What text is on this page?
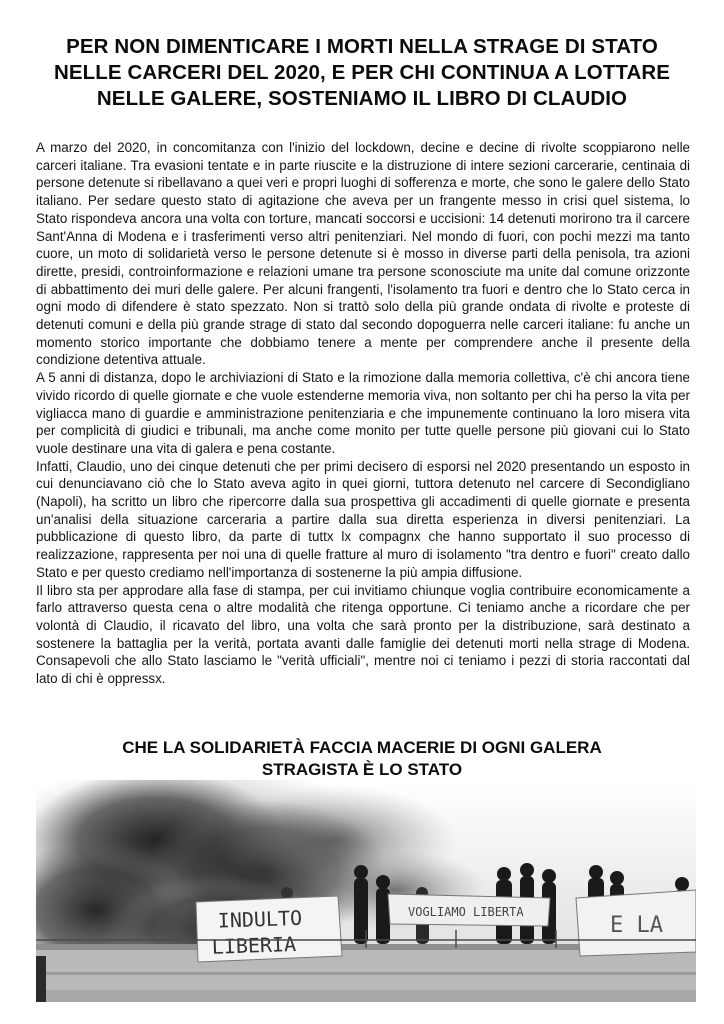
PER NON DIMENTICARE I MORTI NELLA STRAGE DI STATO
NELLE CARCERI DEL 2020, E PER CHI CONTINUA A LOTTARE
NELLE GALERE, SOSTENIAMO IL LIBRO DI CLAUDIO

A marzo del 2020, in concomitanza con l'inizio del lockdown, decine e decine di rivolte scoppiarono nelle carceri italiane. Tra evasioni tentate e in parte riuscite e la distruzione di intere sezioni carcerarie, centinaia di persone detenute si ribellavano a quei veri e propri luoghi di sofferenza e morte, che sono le galere dello Stato italiano. Per sedare questo stato di agitazione che aveva per un frangente messo in crisi quel sistema, lo Stato rispondeva ancora una volta con torture, mancati soccorsi e uccisioni: 14 detenuti morirono tra il carcere Sant'Anna di Modena e i trasferimenti verso altri penitenziari. Nel mondo di fuori, con pochi mezzi ma tanto cuore, un moto di solidarietà verso le persone detenute si è mosso in diverse parti della penisola, tra azioni dirette, presidi, controinformazione e relazioni umane tra persone sconosciute ma unite dal comune orizzonte di abbattimento dei muri delle galere. Per alcuni frangenti, l'isolamento tra fuori e dentro che lo Stato cerca in ogni modo di difendere è stato spezzato. Non si trattò solo della più grande ondata di rivolte e proteste di detenuti comuni e della più grande strage di stato dal secondo dopoguerra nelle carceri italiane: fu anche un momento storico importante che dobbiamo tenere a mente per comprendere anche il presente della condizione detentiva attuale.

A 5 anni di distanza, dopo le archiviazioni di Stato e la rimozione dalla memoria collettiva, c'è chi ancora tiene vivido ricordo di quelle giornate e che vuole estenderne memoria viva, non soltanto per chi ha perso la vita per vigliacca mano di guardie e amministrazione penitenziaria e che impunemente continuano la loro misera vita per complicità di giudici e tribunali, ma anche come monito per tutte quelle persone più giovani cui lo Stato vuole destinare una vita di galera e pena costante.

Infatti, Claudio, uno dei cinque detenuti che per primi decisero di esporsi nel 2020 presentando un esposto in cui denunciavano ciò che lo Stato aveva agito in quei giorni, tuttora detenuto nel carcere di Secondigliano (Napoli), ha scritto un libro che ripercorre dalla sua prospettiva gli accadimenti di quelle giornate e presenta un'analisi della situazione carceraria a partire dalla sua diretta esperienza in diversi penitenziari. La pubblicazione di questo libro, da parte di tuttx lx compagnx che hanno supportato il suo processo di realizzazione, rappresenta per noi una di quelle fratture al muro di isolamento "tra dentro e fuori" creato dallo Stato e per questo crediamo nell'importanza di sostenerne la più ampia diffusione.

Il libro sta per approdare alla fase di stampa, per cui invitiamo chiunque voglia contribuire economicamente a farlo attraverso questa cena o altre modalità che ritenga opportune. Ci teniamo anche a ricordare che per volontà di Claudio, il ricavato del libro, una volta che sarà pronto per la distribuzione, sarà destinato a sostenere la battaglia per la verità, portata avanti dalle famiglie dei detenuti morti nella strage di Modena. Consapevoli che allo Stato lasciamo le "verità ufficiali", mentre noi ci teniamo i pezzi di storia raccontati dal lato di chi è oppressx.

CHE LA SOLIDARIETÀ FACCIA MACERIE DI OGNI GALERA
STRAGISTA È LO STATO
INDULTO
LIBERIA
VOGLIAMO LIBERTA
E LA
